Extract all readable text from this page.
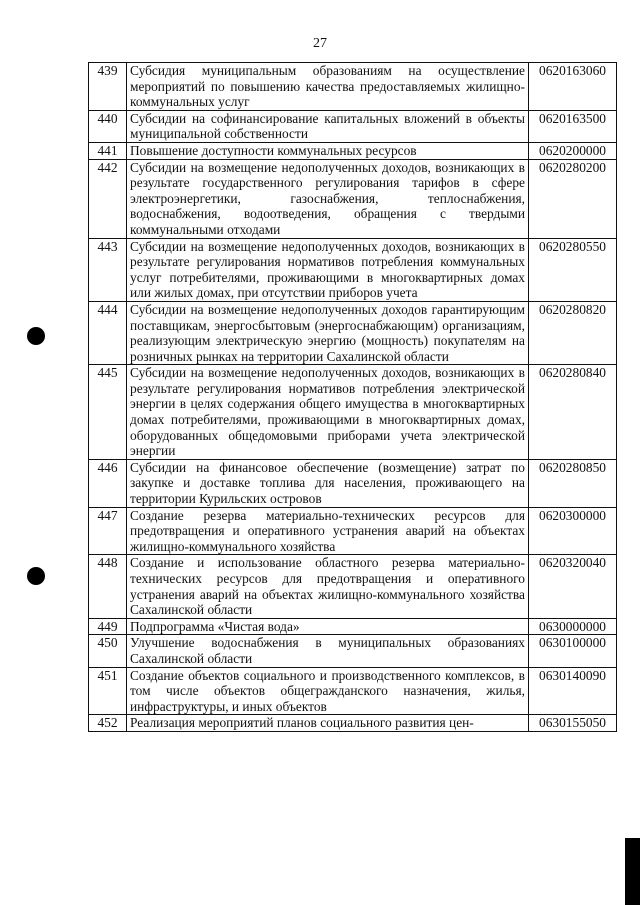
27
439	Субсидия муниципальным образованиям на осуществление мероприятий по повышению качества предоставляемых жилищно-коммунальных услуг	0620163060
440	Субсидии на софинансирование капитальных вложений в объекты муниципальной собственности	0620163500
441	Повышение доступности коммунальных ресурсов	0620200000
442	Субсидии на возмещение недополученных доходов, возникающих в результате государственного регулирования тарифов в сфере электроэнергетики, газоснабжения, теплоснабжения, водоснабжения, водоотведения, обращения с твердыми коммунальными отходами	0620280200
443	Субсидии на возмещение недополученных доходов, возникающих в результате регулирования нормативов потребления коммунальных услуг потребителями, проживающими в многоквартирных домах или жилых домах, при отсутствии приборов учета	0620280550
444	Субсидии на возмещение недополученных доходов гарантирующим поставщикам, энергосбытовым (энергоснабжающим) организациям, реализующим электрическую энергию (мощность) покупателям на розничных рынках на территории Сахалинской области	0620280820
445	Субсидии на возмещение недополученных доходов, возникающих в результате регулирования нормативов потребления электрической энергии в целях содержания общего имущества в многоквартирных домах потребителями, проживающими в многоквартирных домах, оборудованных общедомовыми приборами учета электрической энергии	0620280840
446	Субсидии на финансовое обеспечение (возмещение) затрат по закупке и доставке топлива для населения, проживающего на территории Курильских островов	0620280850
447	Создание резерва материально-технических ресурсов для предотвращения и оперативного устранения аварий на объектах жилищно-коммунального хозяйства	0620300000
448	Создание и использование областного резерва материально-технических ресурсов для предотвращения и оперативного устранения аварий на объектах жилищно-коммунального хозяйства Сахалинской области	0620320040
449	Подпрограмма «Чистая вода»	0630000000
450	Улучшение водоснабжения в муниципальных образованиях Сахалинской области	0630100000
451	Создание объектов социального и производственного комплексов, в том числе объектов общегражданского назначения, жилья, инфраструктуры, и иных объектов	0630140090
452	Реализация мероприятий планов социального развития цен-	0630155050
